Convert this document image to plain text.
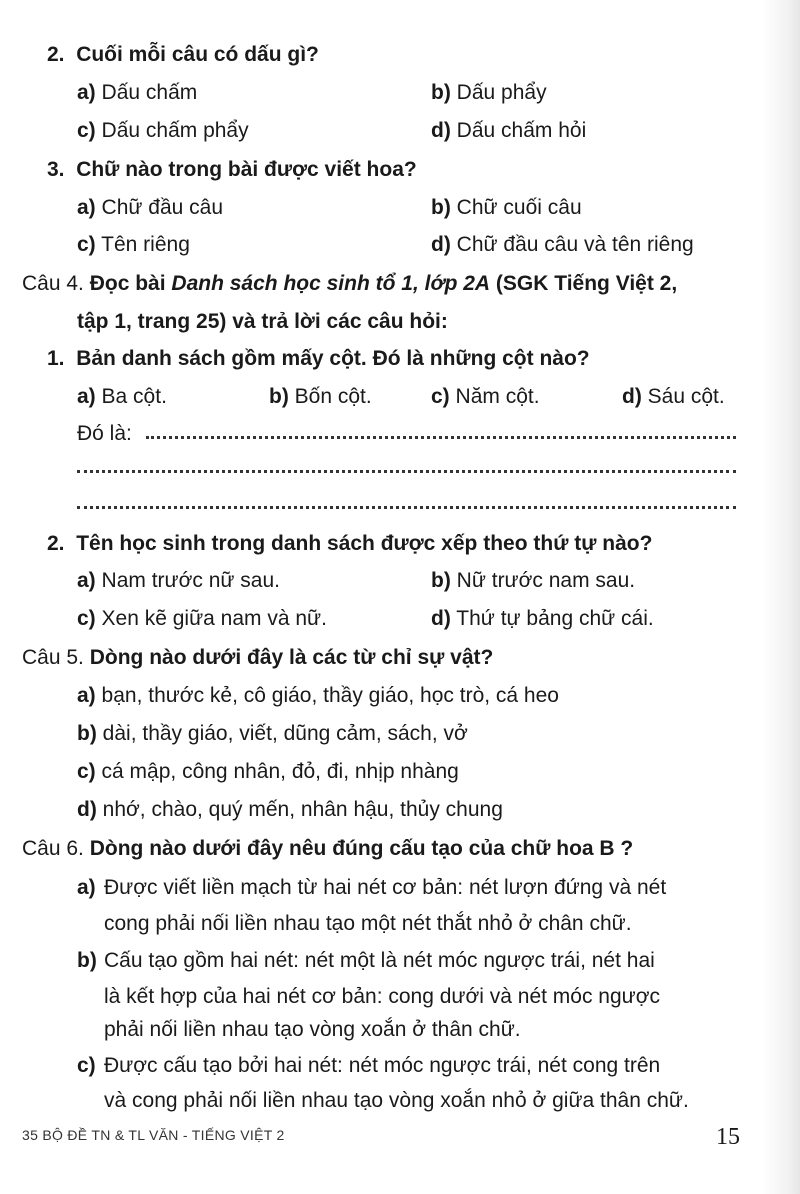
2. Cuối mỗi câu có dấu gì?
a) Dấu chấm	b) Dấu phẩy
c) Dấu chấm phẩy	d) Dấu chấm hỏi
3. Chữ nào trong bài được viết hoa?
a) Chữ đầu câu	b) Chữ cuối câu
c) Tên riêng	d) Chữ đầu câu và tên riêng
Câu 4. Đọc bài Danh sách học sinh tổ 1, lớp 2A (SGK Tiếng Việt 2,
tập 1, trang 25) và trả lời các câu hỏi:
1. Bản danh sách gồm mấy cột. Đó là những cột nào?
a) Ba cột.	b) Bốn cột.	c) Năm cột.	d) Sáu cột.
Đó là:
2. Tên học sinh trong danh sách được xếp theo thứ tự nào?
a) Nam trước nữ sau.	b) Nữ trước nam sau.
c) Xen kẽ giữa nam và nữ.	d) Thứ tự bảng chữ cái.
Câu 5. Dòng nào dưới đây là các từ chỉ sự vật?
a) bạn, thước kẻ, cô giáo, thầy giáo, học trò, cá heo
b) dài, thầy giáo, viết, dũng cảm, sách, vở
c) cá mập, công nhân, đỏ, đi, nhịp nhàng
d) nhớ, chào, quý mến, nhân hậu, thủy chung
Câu 6. Dòng nào dưới đây nêu đúng cấu tạo của chữ hoa B ?
a) Được viết liền mạch từ hai nét cơ bản: nét lượn đứng và nét
cong phải nối liền nhau tạo một nét thắt nhỏ ở chân chữ.
b) Cấu tạo gồm hai nét: nét một là nét móc ngược trái, nét hai
là kết hợp của hai nét cơ bản: cong dưới và nét móc ngược
phải nối liền nhau tạo vòng xoắn ở thân chữ.
c) Được cấu tạo bởi hai nét: nét móc ngược trái, nét cong trên
và cong phải nối liền nhau tạo vòng xoắn nhỏ ở giữa thân chữ.
35 BỘ ĐỀ TN & TL VĂN - TIẾNG VIỆT 2	15
